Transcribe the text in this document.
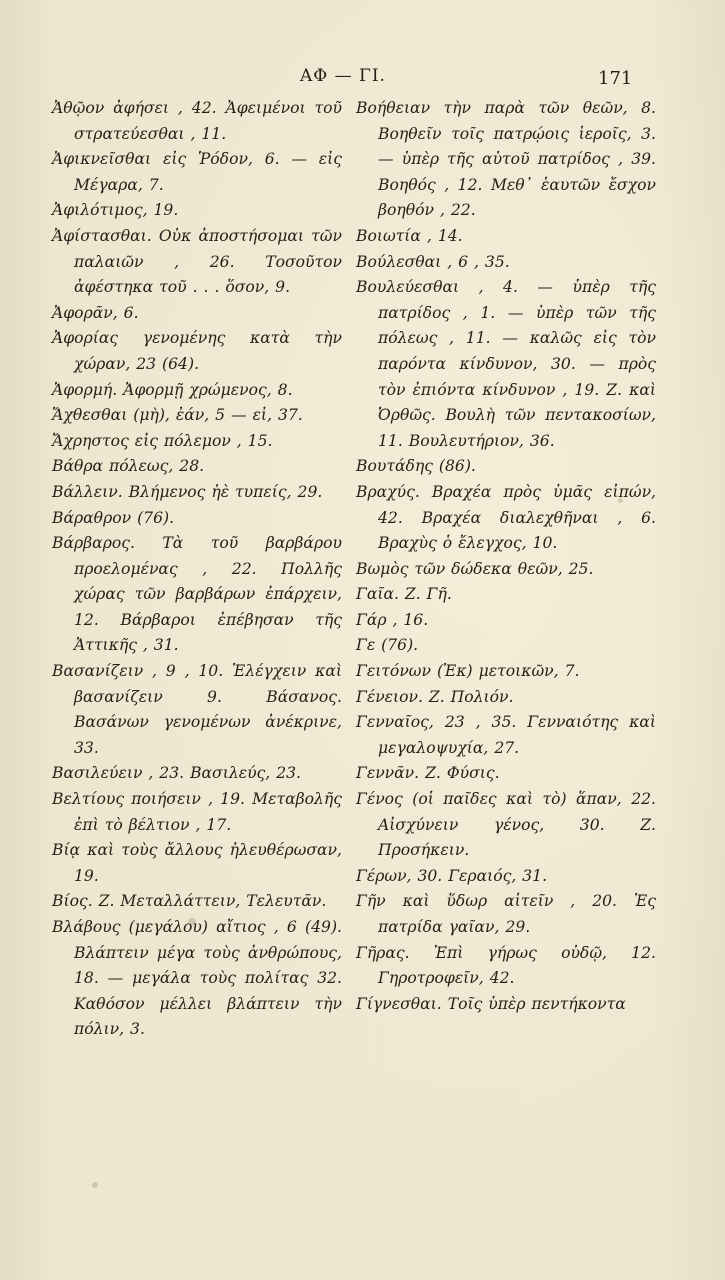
ΑΦ — ΓΙ.	171

Ἀθῷον ἀφήσει , 42. Ἀφειμένοι τοῦ στρατεύεσθαι , 11.

Ἀφικνεῖσθαι εἰς Ῥόδον, 6. — εἰς Μέγαρα, 7.

Ἀφιλότιμος, 19.

Ἀφίστασθαι. Οὐκ ἀποστήσομαι τῶν παλαιῶν , 26. Τοσοῦτον ἀφέστηκα τοῦ . . . ὅσον, 9.

Ἀφορᾶν, 6.

Ἀφορίας γενομένης κατὰ τὴν χώραν, 23 (64).

Ἀφορμή. Ἀφορμῇ χρώμενος, 8.

Ἄχθεσθαι (μὴ), ἐάν, 5 — εἰ, 37.

Ἄχρηστος εἰς πόλεμον , 15.

Βάθρα πόλεως, 28.

Βάλλειν. Βλήμενος ἠὲ τυπείς, 29.

Βάραθρον (76).

Βάρβαρος. Τὰ τοῦ βαρβάρου προελομένας , 22. Πολλῆς χώρας τῶν βαρβάρων ἐπάρχειν, 12. Βάρβαροι ἐπέβησαν τῆς Ἀττικῆς , 31.

Βασανίζειν , 9 , 10. Ἐλέγχειν καὶ βασανίζειν 9. Βάσανος. Βασάνων γενομένων ἀνέκρινε, 33.

Βασιλεύειν , 23. Βασιλεύς, 23.

Βελτίους ποιήσειν , 19. Μεταβολῆς ἐπὶ τὸ βέλτιον , 17.

Βίᾳ καὶ τοὺς ἄλλους ἠλευθέρωσαν, 19.

Βίος. Ζ. Μεταλλάττειν, Τελευτᾶν.

Βλάβους (μεγάλου) αἴτιος , 6 (49). Βλάπτειν μέγα τοὺς ἀνθρώπους, 18. — μεγάλα τοὺς πολίτας 32. Καθόσον μέλλει βλάπτειν τὴν πόλιν, 3.

Βοήθειαν τὴν παρὰ τῶν θεῶν, 8. Βοηθεῖν τοῖς πατρῴοις ἱεροῖς, 3. — ὑπὲρ τῆς αὐτοῦ πατρίδος , 39. Βοηθός , 12. Μεθ᾽ ἑαυτῶν ἔσχον βοηθόν , 22.

Βοιωτία , 14.

Βούλεσθαι , 6 , 35.

Βουλεύεσθαι , 4. — ὑπὲρ τῆς πατρίδος , 1. — ὑπὲρ τῶν τῆς πόλεως , 11. — καλῶς εἰς τὸν παρόντα κίνδυνον, 30. — πρὸς τὸν ἐπιόντα κίνδυνον , 19. Ζ. καὶ Ὀρθῶς. Βουλὴ τῶν πεντακοσίων, 11. Βουλευτήριον, 36.

Βουτάδης (86).

Βραχύς. Βραχέα πρὸς ὑμᾶς εἰπών, 42. Βραχέα διαλεχθῆναι , 6. Βραχὺς ὁ ἔλεγχος, 10.

Βωμὸς τῶν δώδεκα θεῶν, 25.

Γαῖα. Ζ. Γῆ.

Γάρ , 16.

Γε (76).

Γειτόνων (Ἐκ) μετοικῶν, 7.

Γένειον. Ζ. Πολιόν.

Γενναῖος, 23 , 35. Γενναιότης καὶ μεγαλοψυχία, 27.

Γεννᾶν. Ζ. Φύσις.

Γένος (οἱ παῖδες καὶ τὸ) ἅπαν, 22. Αἰσχύνειν γένος, 30. Ζ. Προσήκειν.

Γέρων, 30. Γεραιός, 31.

Γῆν καὶ ὕδωρ αἰτεῖν , 20. Ἐς πατρίδα γαῖαν, 29.

Γῆρας. Ἐπὶ γήρως οὐδῷ, 12. Γηροτροφεῖν, 42.

Γίγνεσθαι. Τοῖς ὑπὲρ πεντήκοντα
